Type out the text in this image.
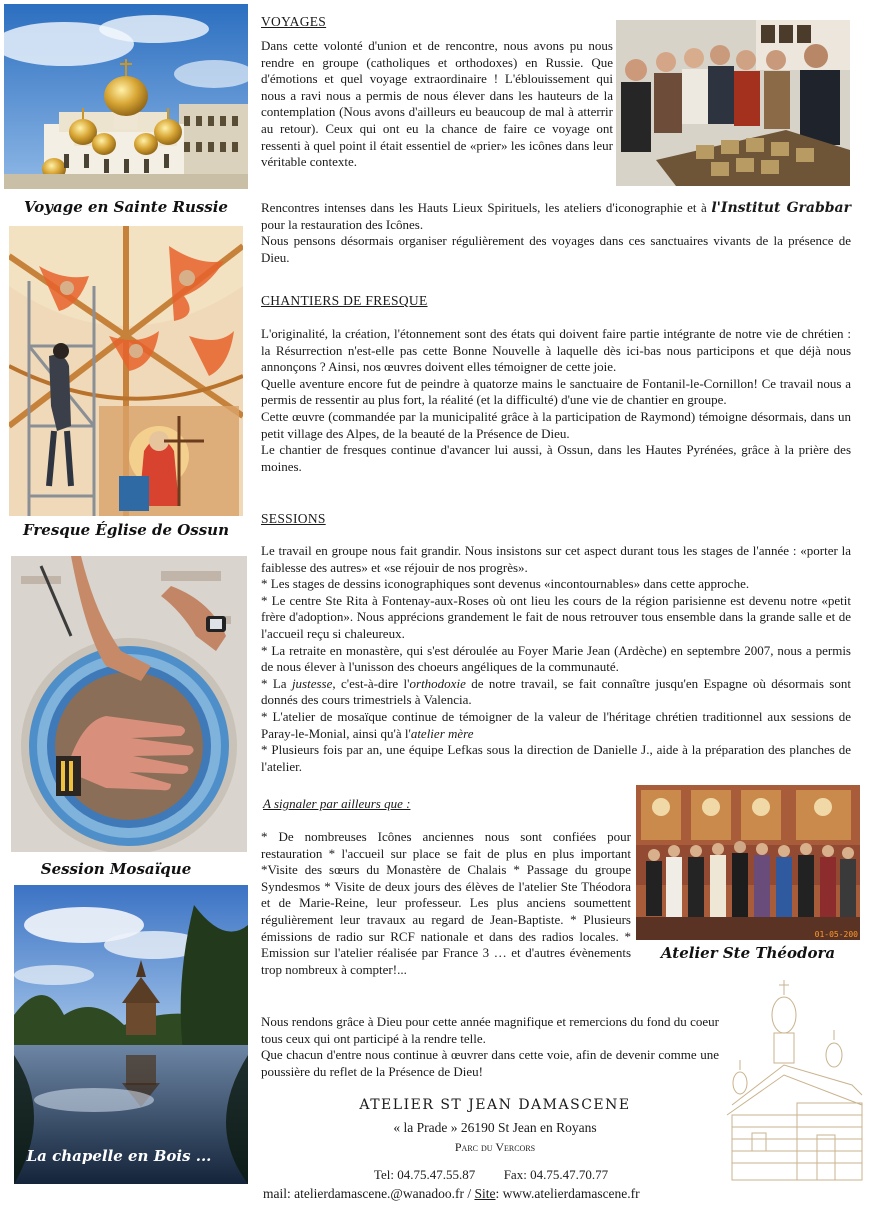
Voyage en Sainte Russie
Fresque Église de Ossun
Session Mosaïque
La chapelle en Bois ...
01-05-200
Atelier Ste Théodora
VOYAGES
Dans cette volonté d'union et de rencontre, nous avons pu nous rendre en groupe (catholiques et orthodoxes) en Russie. Que d'émotions et quel voyage extraordinaire ! L'éblouissement qui nous a ravi nous a permis de nous élever dans les hauteurs de la contemplation (Nous avons d'ailleurs eu beaucoup de mal à atterrir au retour). Ceux qui ont eu la chance de faire ce voyage ont ressenti à quel point il était essentiel de «prier» les icônes dans leur véritable contexte.

Rencontres intenses dans les Hauts Lieux Spirituels, les ateliers d'iconographie et à l'Institut Grabbar pour la restauration des Icônes.

Nous pensons désormais organiser régulièrement des voyages dans ces sanctuaires vivants de la présence de Dieu.

CHANTIERS DE FRESQUE

L'originalité, la création, l'étonnement sont des états qui doivent faire partie intégrante de notre vie de chrétien : la Résurrection n'est-elle pas cette Bonne Nouvelle à laquelle dès ici-bas nous participons et que déjà nous annonçons ? Ainsi, nos œuvres doivent elles témoigner de cette joie.

Quelle aventure encore fut de peindre à quatorze mains le sanctuaire de Fontanil-le-Cornillon! Ce travail nous a permis de ressentir au plus fort, la réalité (et la difficulté) d'une vie de chantier en groupe.

Cette œuvre (commandée par la municipalité grâce à la participation de Raymond) témoigne désormais, dans un petit village des Alpes, de la beauté de la Présence de Dieu.

Le chantier de fresques continue d'avancer lui aussi, à Ossun, dans les Hautes Pyrénées, grâce à la prière des moines.

SESSIONS

Le travail en groupe nous fait grandir. Nous insistons sur cet aspect durant tous les stages de l'année : «porter la faiblesse des autres» et «se réjouir de nos progrès».

* Les stages de dessins iconographiques sont devenus «incontournables» dans cette approche.

* Le centre Ste Rita à Fontenay-aux-Roses où ont lieu les cours de la région parisienne est devenu notre «petit frère d'adoption». Nous apprécions grandement le fait de nous retrouver tous ensemble dans la grande salle et de l'accueil reçu si chaleureux.

* La retraite en monastère, qui s'est déroulée au Foyer Marie Jean (Ardèche) en septembre 2007, nous a permis de nous élever à l'unisson des choeurs angéliques de la communauté.

* La justesse, c'est-à-dire l'orthodoxie de notre travail, se fait connaître jusqu'en Espagne où désormais sont donnés des cours trimestriels à Valencia.

* L'atelier de mosaïque continue de témoigner de la valeur de l'héritage chrétien traditionnel aux sessions de Paray-le-Monial, ainsi qu'à l'atelier mère

* Plusieurs fois par an, une équipe Lefkas sous la direction de Danielle J., aide à la préparation des planches de l'atelier.

A signaler par ailleurs que :
* De nombreuses Icônes anciennes nous sont confiées pour restauration * l'accueil sur place se fait de plus en plus important *Visite des sœurs du Monastère de Chalais * Passage du groupe Syndesmos * Visite de deux jours des élèves de l'atelier Ste Théodora et de Marie-Reine, leur professeur. Les plus anciens soumettent régulièrement leur travaux au regard de Jean-Baptiste. * Plusieurs émissions de radio sur RCF nationale et dans des radios locales. * Emission sur l'atelier réalisée par France 3 … et d'autres évènements trop nombreux à compter!...

Nous rendons grâce à Dieu pour cette année magnifique et remercions du fond du coeur tous ceux qui ont participé à la rendre telle.

Que chacun d'entre nous continue à œuvrer dans cette voie, afin de devenir comme une poussière du reflet de la Présence de Dieu!

ATELIER ST JEAN DAMASCENE
« la Prade » 26190 St Jean en Royans
Parc du Vercors
Tel: 04.75.47.55.87 Fax: 04.75.47.70.77
mail: atelierdamascene.@wanadoo.fr / Site: www.atelierdamascene.fr
